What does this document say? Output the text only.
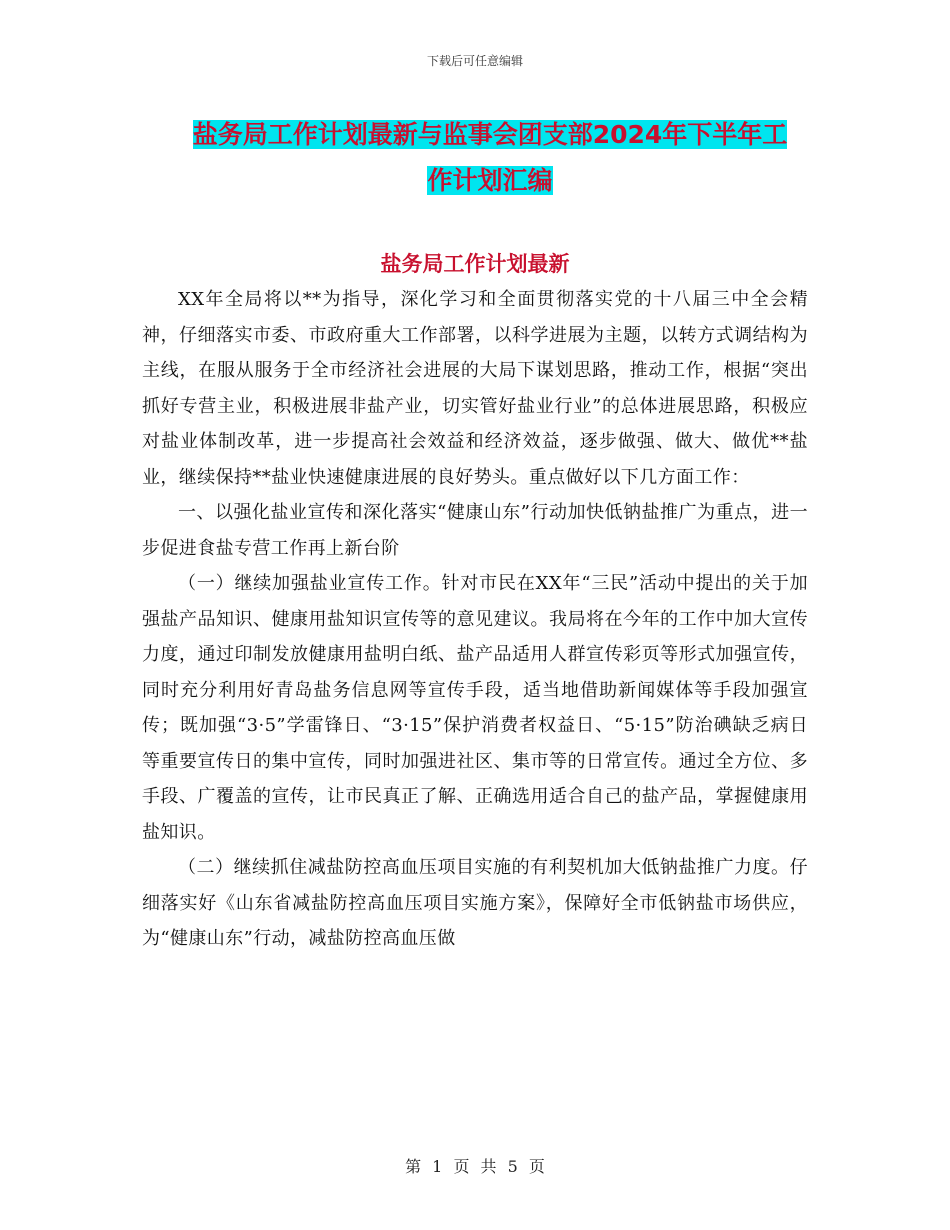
下载后可任意编辑
盐务局工作计划最新与监事会团支部2024年下半年工
作计划汇编
盐务局工作计划最新

XX年全局将以**为指导，深化学习和全面贯彻落实党的十八届三中全会精神，仔细落实市委、市政府重大工作部署，以科学进展为主题，以转方式调结构为主线，在服从服务于全市经济社会进展的大局下谋划思路，推动工作，根据“突出抓好专营主业，积极进展非盐产业，切实管好盐业行业”的总体进展思路，积极应对盐业体制改革，进一步提高社会效益和经济效益，逐步做强、做大、做优**盐业，继续保持**盐业快速健康进展的良好势头。重点做好以下几方面工作：

一、以强化盐业宣传和深化落实“健康山东”行动加快低钠盐推广为重点，进一步促进食盐专营工作再上新台阶

（一）继续加强盐业宣传工作。针对市民在XX年“三民”活动中提出的关于加强盐产品知识、健康用盐知识宣传等的意见建议。我局将在今年的工作中加大宣传力度，通过印制发放健康用盐明白纸、盐产品适用人群宣传彩页等形式加强宣传，同时充分利用好青岛盐务信息网等宣传手段，适当地借助新闻媒体等手段加强宣传；既加强“3·5”学雷锋日、“3·15”保护消费者权益日、“5·15”防治碘缺乏病日等重要宣传日的集中宣传，同时加强进社区、集市等的日常宣传。通过全方位、多手段、广覆盖的宣传，让市民真正了解、正确选用适合自己的盐产品，掌握健康用盐知识。

（二）继续抓住减盐防控高血压项目实施的有利契机加大低钠盐推广力度。仔细落实好《山东省减盐防控高血压项目实施方案》，保障好全市低钠盐市场供应，为“健康山东”行动，减盐防控高血压做

第 1 页 共 5 页
